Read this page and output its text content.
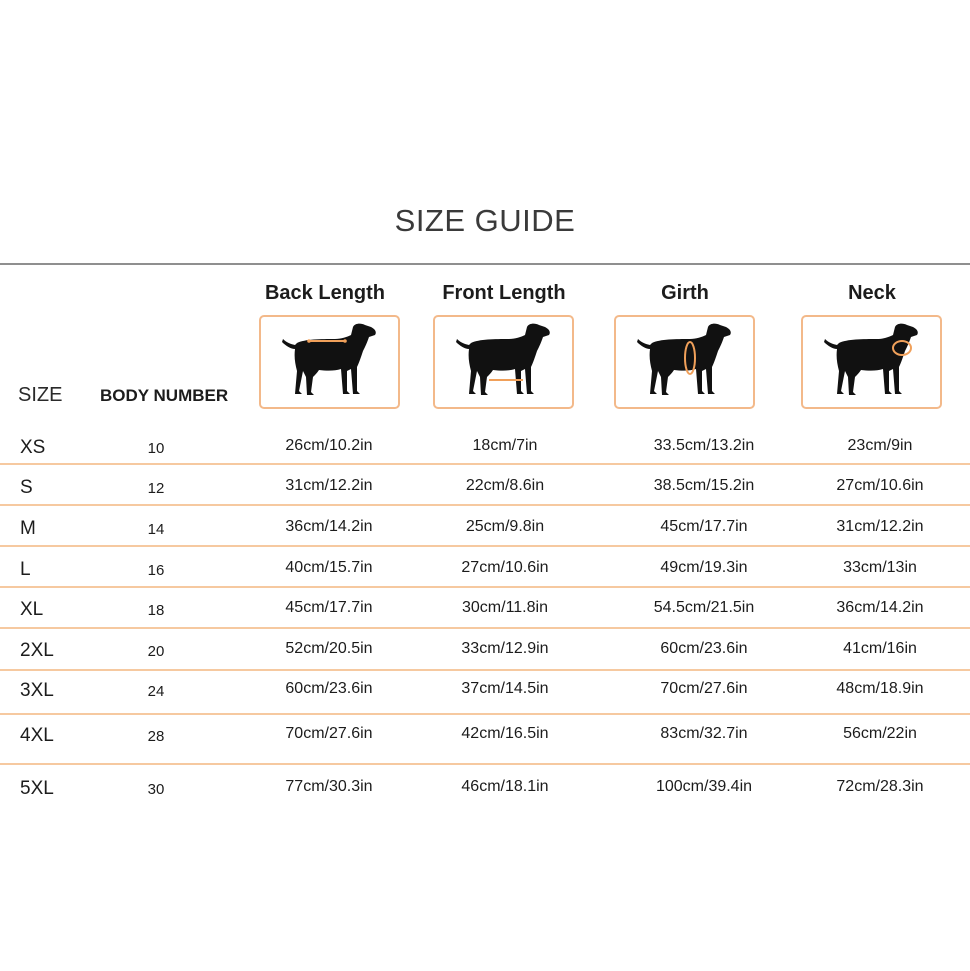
SIZE GUIDE
Back Length	Front Length	Girth	Neck
SIZE BODY NUMBER
XS	10	26cm/10.2in	18cm/7in	33.5cm/13.2in	23cm/9in
S	12	31cm/12.2in	22cm/8.6in	38.5cm/15.2in	27cm/10.6in
M	14	36cm/14.2in	25cm/9.8in	45cm/17.7in	31cm/12.2in
L	16	40cm/15.7in	27cm/10.6in	49cm/19.3in	33cm/13in
XL	18	45cm/17.7in	30cm/11.8in	54.5cm/21.5in	36cm/14.2in
2XL	20	52cm/20.5in	33cm/12.9in	60cm/23.6in	41cm/16in
3XL	24	60cm/23.6in	37cm/14.5in	70cm/27.6in	48cm/18.9in
4XL	28	70cm/27.6in	42cm/16.5in	83cm/32.7in	56cm/22in
5XL	30	77cm/30.3in	46cm/18.1in	100cm/39.4in	72cm/28.3in
